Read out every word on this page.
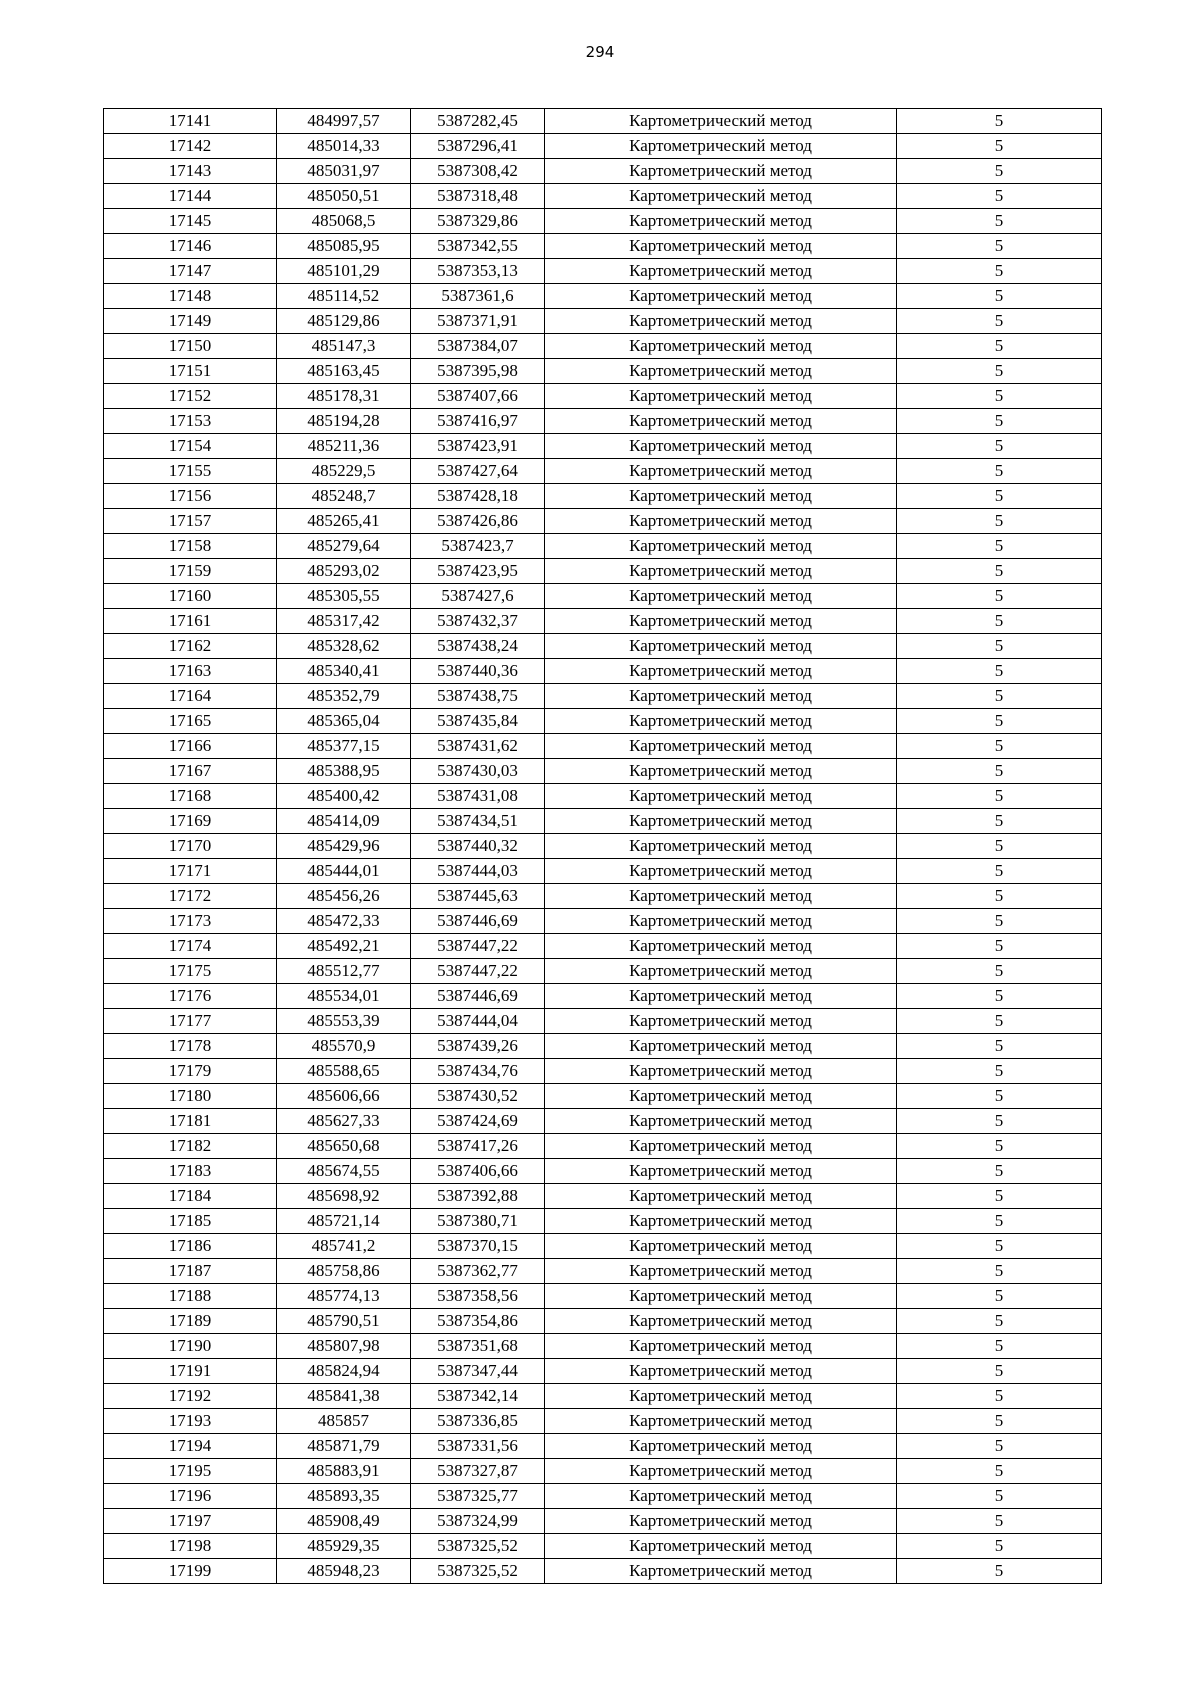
294
17141	484997,57	5387282,45	Картометрический метод	5
17142	485014,33	5387296,41	Картометрический метод	5
17143	485031,97	5387308,42	Картометрический метод	5
17144	485050,51	5387318,48	Картометрический метод	5
17145	485068,5	5387329,86	Картометрический метод	5
17146	485085,95	5387342,55	Картометрический метод	5
17147	485101,29	5387353,13	Картометрический метод	5
17148	485114,52	5387361,6	Картометрический метод	5
17149	485129,86	5387371,91	Картометрический метод	5
17150	485147,3	5387384,07	Картометрический метод	5
17151	485163,45	5387395,98	Картометрический метод	5
17152	485178,31	5387407,66	Картометрический метод	5
17153	485194,28	5387416,97	Картометрический метод	5
17154	485211,36	5387423,91	Картометрический метод	5
17155	485229,5	5387427,64	Картометрический метод	5
17156	485248,7	5387428,18	Картометрический метод	5
17157	485265,41	5387426,86	Картометрический метод	5
17158	485279,64	5387423,7	Картометрический метод	5
17159	485293,02	5387423,95	Картометрический метод	5
17160	485305,55	5387427,6	Картометрический метод	5
17161	485317,42	5387432,37	Картометрический метод	5
17162	485328,62	5387438,24	Картометрический метод	5
17163	485340,41	5387440,36	Картометрический метод	5
17164	485352,79	5387438,75	Картометрический метод	5
17165	485365,04	5387435,84	Картометрический метод	5
17166	485377,15	5387431,62	Картометрический метод	5
17167	485388,95	5387430,03	Картометрический метод	5
17168	485400,42	5387431,08	Картометрический метод	5
17169	485414,09	5387434,51	Картометрический метод	5
17170	485429,96	5387440,32	Картометрический метод	5
17171	485444,01	5387444,03	Картометрический метод	5
17172	485456,26	5387445,63	Картометрический метод	5
17173	485472,33	5387446,69	Картометрический метод	5
17174	485492,21	5387447,22	Картометрический метод	5
17175	485512,77	5387447,22	Картометрический метод	5
17176	485534,01	5387446,69	Картометрический метод	5
17177	485553,39	5387444,04	Картометрический метод	5
17178	485570,9	5387439,26	Картометрический метод	5
17179	485588,65	5387434,76	Картометрический метод	5
17180	485606,66	5387430,52	Картометрический метод	5
17181	485627,33	5387424,69	Картометрический метод	5
17182	485650,68	5387417,26	Картометрический метод	5
17183	485674,55	5387406,66	Картометрический метод	5
17184	485698,92	5387392,88	Картометрический метод	5
17185	485721,14	5387380,71	Картометрический метод	5
17186	485741,2	5387370,15	Картометрический метод	5
17187	485758,86	5387362,77	Картометрический метод	5
17188	485774,13	5387358,56	Картометрический метод	5
17189	485790,51	5387354,86	Картометрический метод	5
17190	485807,98	5387351,68	Картометрический метод	5
17191	485824,94	5387347,44	Картометрический метод	5
17192	485841,38	5387342,14	Картометрический метод	5
17193	485857	5387336,85	Картометрический метод	5
17194	485871,79	5387331,56	Картометрический метод	5
17195	485883,91	5387327,87	Картометрический метод	5
17196	485893,35	5387325,77	Картометрический метод	5
17197	485908,49	5387324,99	Картометрический метод	5
17198	485929,35	5387325,52	Картометрический метод	5
17199	485948,23	5387325,52	Картометрический метод	5
